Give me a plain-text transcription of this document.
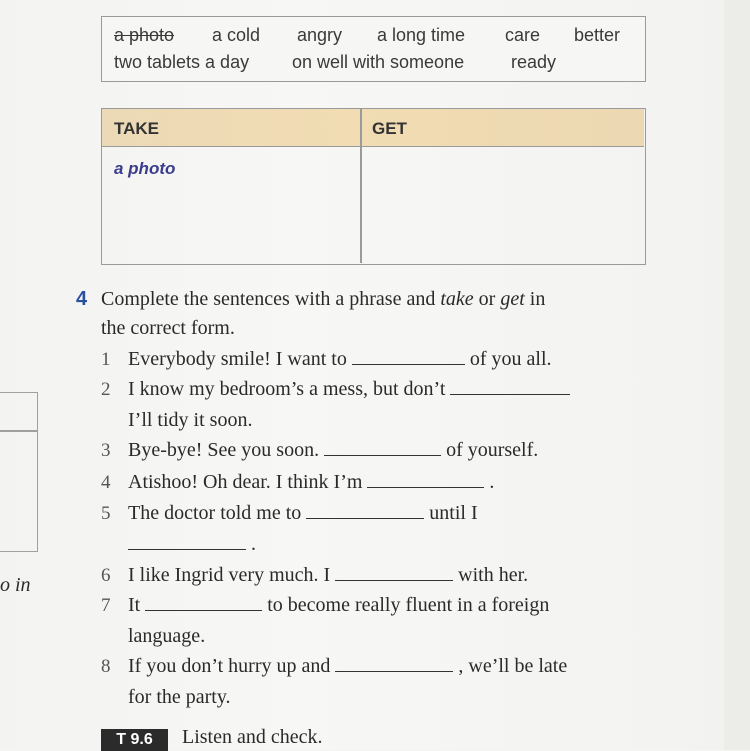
a photo a cold angry a long time care better
two tablets a day on well with someone	ready
TAKE	GET
a photo
4 Complete the sentences with a phrase and take or get in
the correct form.
1 Everybody smile! I want to	of you all.
2 I know my bedroom’s a mess, but don’t
I’ll tidy it soon.
3 Bye-bye! See you soon.	of yourself.
4 Atishoo! Oh dear. I think I’m	.
5 The doctor told me to	until I
.
6 I like Ingrid very much. I	with her.
7 It	to become really fluent in a foreign
language.
8 If you don’t hurry up and	, we’ll be late
for the party.
o in
T 9.6	Listen and check.
